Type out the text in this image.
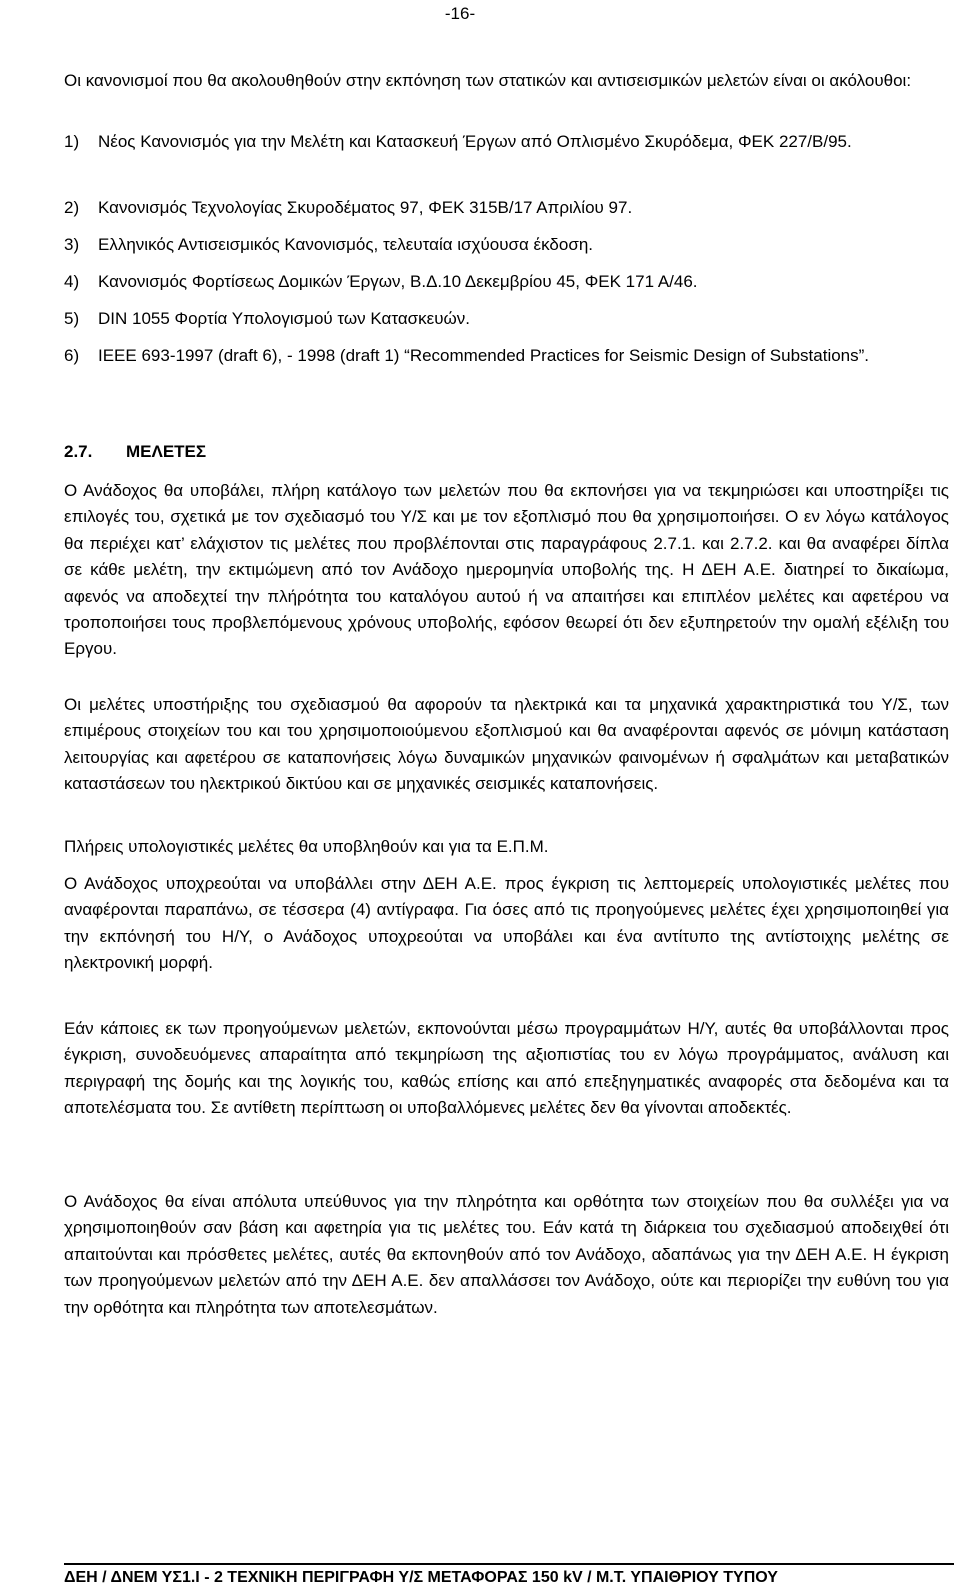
-16-
Οι κανονισμοί που θα ακολουθηθούν στην εκπόνηση των στατικών και αντισεισμικών μελετών είναι οι ακόλουθοι:
1)	Νέος Κανονισμός για την Μελέτη και Κατασκευή Έργων από Οπλισμένο Σκυρόδεμα, ΦΕΚ 227/Β/95.
2)	Κανονισμός Τεχνολογίας Σκυροδέματος 97, ΦΕΚ 315Β/17 Απριλίου 97.
3)	Ελληνικός Αντισεισμικός Κανονισμός, τελευταία ισχύουσα έκδοση.
4)	Κανονισμός Φορτίσεως Δομικών Έργων, Β.Δ.10 Δεκεμβρίου 45, ΦΕΚ 171 Α/46.
5)	DIN 1055 Φορτία Υπολογισμού των Κατασκευών.
6)	IEEE 693-1997 (draft 6), - 1998 (draft 1) “Recommended Practices for Seismic Design of Substations”.
2.7. ΜΕΛΕΤΕΣ

Ο Ανάδοχος θα υποβάλει, πλήρη κατάλογο των μελετών που θα εκπονήσει για να τεκμηριώσει και υποστηρίξει τις επιλογές του, σχετικά με τον σχεδιασμό του Υ/Σ και με τον εξοπλισμό που θα χρησιμοποιήσει. Ο εν λόγω κατάλογος θα περιέχει κατ’ ελάχιστον τις μελέτες που προβλέπονται στις παραγράφους 2.7.1. και 2.7.2. και θα αναφέρει δίπλα σε κάθε μελέτη, την εκτιμώμενη από τον Ανάδοχο ημερομηνία υποβολής της. Η ΔΕΗ Α.Ε. διατηρεί το δικαίωμα, αφενός να αποδεχτεί την πλήρότητα του καταλόγου αυτού ή να απαιτήσει και επιπλέον μελέτες και αφετέρου να τροποποιήσει τους προβλεπόμενους χρόνους υποβολής, εφόσον θεωρεί ότι δεν εξυπηρετούν την ομαλή εξέλιξη του Εργου.

Οι μελέτες υποστήριξης του σχεδιασμού θα αφορούν τα ηλεκτρικά και τα μηχανικά χαρακτηριστικά του Υ/Σ, των επιμέρους στοιχείων του και του χρησιμοποιούμενου εξοπλισμού και θα αναφέρονται αφενός σε μόνιμη κατάσταση λειτουργίας και αφετέρου σε καταπονήσεις λόγω δυναμικών μηχανικών φαινομένων ή σφαλμάτων και μεταβατικών καταστάσεων του ηλεκτρικού δικτύου και σε μηχανικές σεισμικές καταπονήσεις.

Πλήρεις υπολογιστικές μελέτες θα υποβληθούν και για τα Ε.Π.Μ.

Ο Ανάδοχος υποχρεούται να υποβάλλει στην ΔΕΗ Α.Ε. προς έγκριση τις λεπτομερείς υπολογιστικές μελέτες που αναφέρονται παραπάνω, σε τέσσερα (4) αντίγραφα. Για όσες από τις προηγούμενες μελέτες έχει χρησιμοποιηθεί για την εκπόνησή του Η/Υ, ο Ανάδοχος υποχρεούται να υποβάλει και ένα αντίτυπο της αντίστοιχης μελέτης σε ηλεκτρονική μορφή.

Εάν κάποιες εκ των προηγούμενων μελετών, εκπονούνται μέσω προγραμμάτων Η/Υ, αυτές θα υποβάλλονται προς έγκριση, συνοδευόμενες απαραίτητα από τεκμηρίωση της αξιοπιστίας του εν λόγω προγράμματος, ανάλυση και περιγραφή της δομής και της λογικής του, καθώς επίσης και από επεξηγηματικές αναφορές στα δεδομένα και τα αποτελέσματα του. Σε αντίθετη περίπτωση οι υποβαλλόμενες μελέτες δεν θα γίνονται αποδεκτές.

Ο Ανάδοχος θα είναι απόλυτα υπεύθυνος για την πληρότητα και ορθότητα των στοιχείων που θα συλλέξει για να χρησιμοποιηθούν σαν βάση και αφετηρία για τις μελέτες του. Εάν κατά τη διάρκεια του σχεδιασμού αποδειχθεί ότι απαιτούνται και πρόσθετες μελέτες, αυτές θα εκπονηθούν από τον Ανάδοχο, αδαπάνως για την ΔΕΗ Α.Ε. Η έγκριση των προηγούμενων μελετών από την ΔΕΗ Α.Ε. δεν απαλλάσσει τον Ανάδοχο, ούτε και περιορίζει την ευθύνη του για την ορθότητα και πληρότητα των αποτελεσμάτων.

ΔΕΗ / ΔΝΕΜ ΥΣ1.Ι - 2 ΤΕΧΝΙΚΗ ΠΕΡΙΓΡΑΦΗ Υ/Σ ΜΕΤΑΦΟΡΑΣ 150 kV / Μ.Τ. ΥΠΑΙΘΡΙΟΥ ΤΥΠΟΥ
